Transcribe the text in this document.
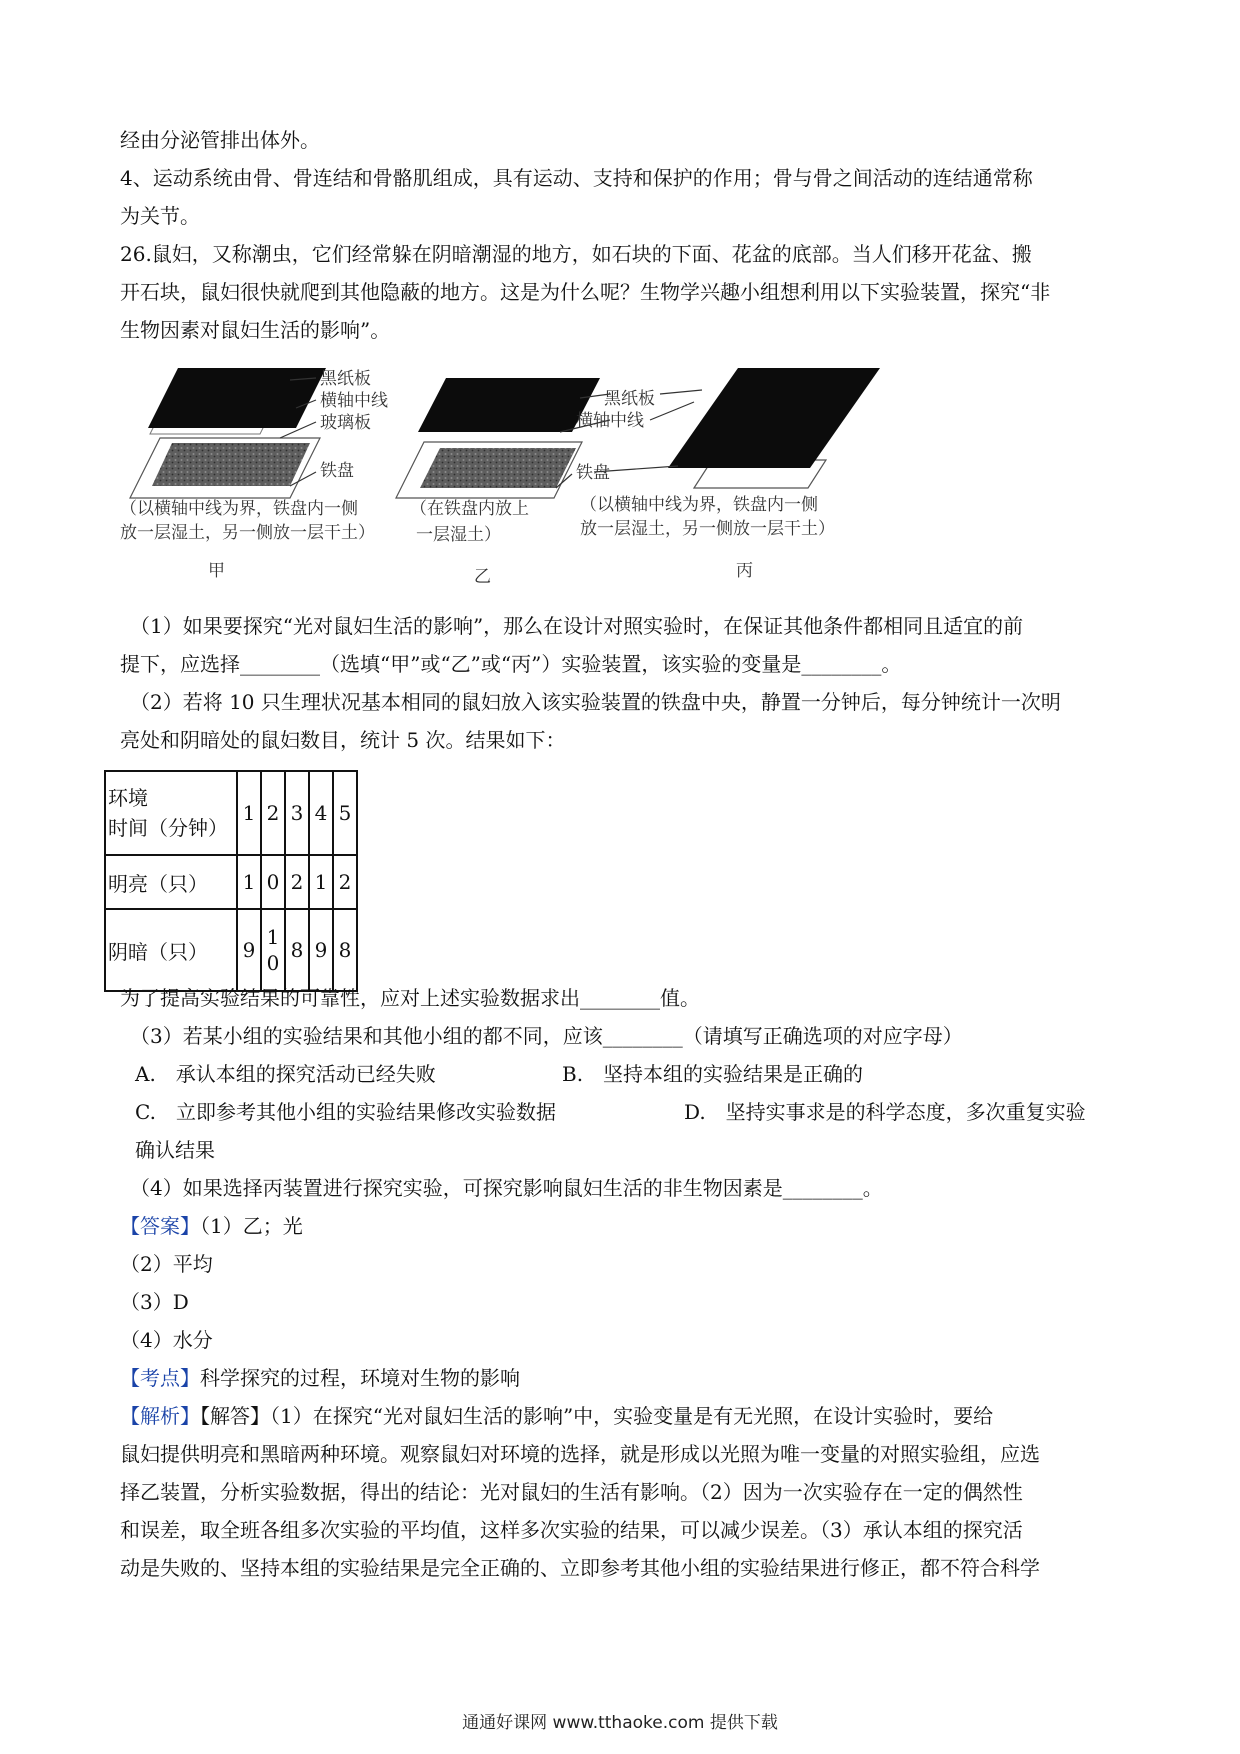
经由分泌管排出体外。
4、运动系统由骨、骨连结和骨骼肌组成，具有运动、支持和保护的作用；骨与骨之间活动的连结通常称
为关节。
26.鼠妇，又称潮虫，它们经常躲在阴暗潮湿的地方，如石块的下面、花盆的底部。当人们移开花盆、搬
开石块，鼠妇很快就爬到其他隐蔽的地方。这是为什么呢？生物学兴趣小组想利用以下实验装置，探究“非
生物因素对鼠妇生活的影响”。
黑纸板
横轴中线
玻璃板
铁盘
（以横轴中线为界，铁盘内一侧
放一层湿土，另一侧放一层干土）
甲
黑纸板
横轴中线
铁盘
（在铁盘内放上
一层湿土）
乙
（以横轴中线为界，铁盘内一侧
放一层湿土，另一侧放一层干土）
丙
（1）如果要探究“光对鼠妇生活的影响”，那么在设计对照实验时，在保证其他条件都相同且适宜的前
提下，应选择________（选填“甲”或“乙”或“丙”）实验装置，该实验的变量是________。
（2）若将 10 只生理状况基本相同的鼠妇放入该实验装置的铁盘中央，静置一分钟后，每分钟统计一次明
亮处和阴暗处的鼠妇数目，统计 5 次。结果如下：
环境
时间（分钟）	1	2	3	4	5
明亮（只）	1	0	2	1	2
阴暗（只）	9	10	8	9	8
为了提高实验结果的可靠性，应对上述实验数据求出________值。
（3）若某小组的实验结果和其他小组的都不同，应该________（请填写正确选项的对应字母）
A.　承认本组的探究活动已经失败	B.　坚持本组的实验结果是正确的
C.　立即参考其他小组的实验结果修改实验数据	D.　坚持实事求是的科学态度，多次重复实验
确认结果
（4）如果选择丙装置进行探究实验，可探究影响鼠妇生活的非生物因素是________。
【答案】（1）乙；光
（2）平均
（3）D
（4）水分
【考点】科学探究的过程，环境对生物的影响
【解析】【解答】（1）在探究“光对鼠妇生活的影响”中，实验变量是有无光照，在设计实验时，要给
鼠妇提供明亮和黑暗两种环境。观察鼠妇对环境的选择，就是形成以光照为唯一变量的对照实验组，应选
择乙装置，分析实验数据，得出的结论：光对鼠妇的生活有影响。（2）因为一次实验存在一定的偶然性
和误差，取全班各组多次实验的平均值，这样多次实验的结果，可以减少误差。（3）承认本组的探究活
动是失败的、坚持本组的实验结果是完全正确的、立即参考其他小组的实验结果进行修正，都不符合科学
通通好课网 www.tthaoke.com 提供下载
